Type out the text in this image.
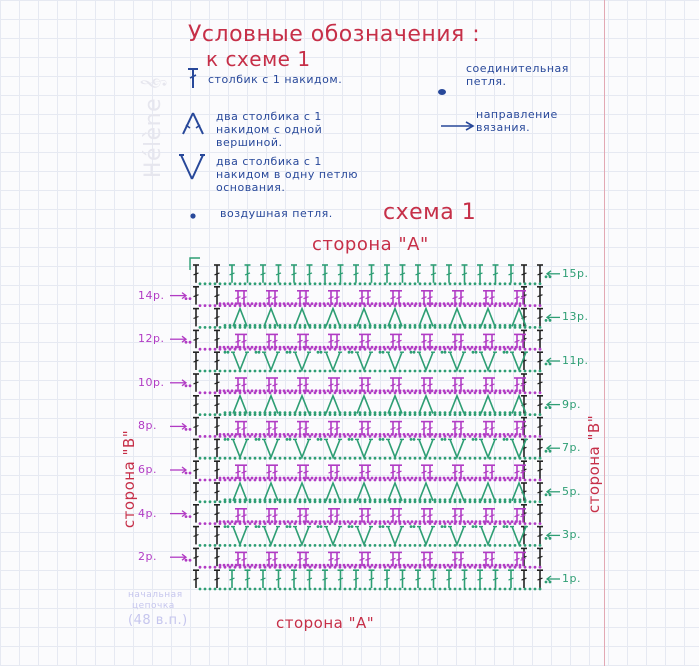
Hélène 𝄞
Условные обозначения :
к схеме 1
столбик с 1 накидом.
два столбика с 1 накидом с одной вершиной.
два столбика с 1 накидом в одну петлю основания.
воздушная петля.
соединительная петля.
направление вязания.
схема 1
сторона "А"
сторона "А"
сторона "В"	сторона "В"
начальная
цепочка
(48 в.п.)
1р.
3р.
5р.
7р.
9р.
11р.
13р.
15р.
14р.
12р.
10р.
8р.
6р.
4р.
2р.
